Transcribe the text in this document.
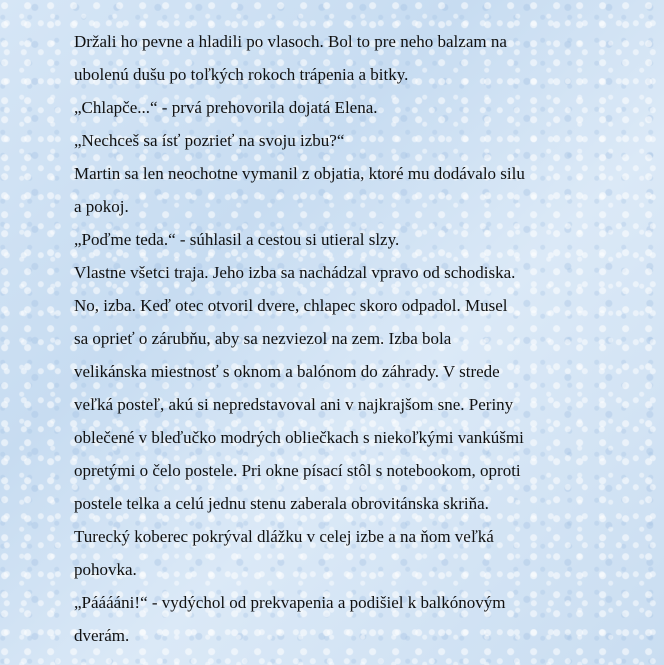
Držali ho pevne a hladili po vlasoch. Bol to pre neho balzam na

ubolenú dušu po toľkých rokoch trápenia a bitky.

„Chlapče...“ - prvá prehovorila dojatá Elena.

„Nechceš sa ísť pozrieť na svoju izbu?“

Martin sa len neochotne vymanil z objatia, ktoré mu dodávalo silu

a pokoj.

„Poďme teda.“ - súhlasil a cestou si utieral slzy.

Vlastne všetci traja. Jeho izba sa nachádzal vpravo od schodiska.

No, izba. Keď otec otvoril dvere, chlapec skoro odpadol. Musel

sa oprieť o zárubňu, aby sa nezviezol na zem. Izba bola

velikánska miestnosť s oknom a balónom do záhrady. V strede

veľká posteľ, akú si nepredstavoval ani v najkrajšom sne. Periny

oblečené v bleďučko modrých obliečkach s niekoľkými vankúšmi

opretými o čelo postele. Pri okne písací stôl s notebookom, oproti

postele telka a celú jednu stenu zaberala obrovitánska skriňa.

Turecký koberec pokrýval dlážku v celej izbe a na ňom veľká

pohovka.

„Pááááni!“ - vydýchol od prekvapenia a podišiel k balkónovým

dverám.
